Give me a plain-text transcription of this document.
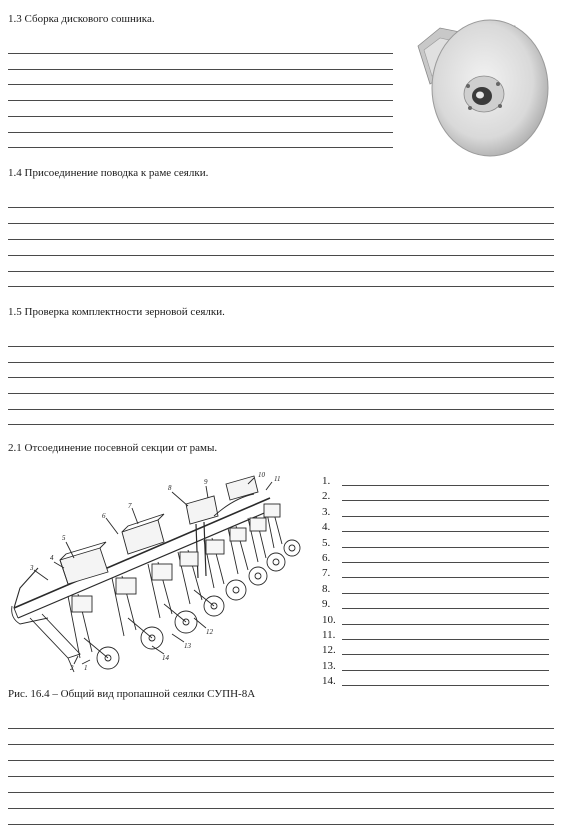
1.3 Сборка дискового сошника.
1.4 Присоединение поводка к раме сеялки.
1.5 Проверка комплектности зерновой сеялки.
2.1 Отсоединение посевной секции от рамы.
1
2
3
4
5
6
7
8
9
10 11
12
13
14
1.
2.
3.
4.
5.
6.
7.
8.
9.
10.
11.
12.
13.
14.
Рис. 16.4 – Общий вид пропашной сеялки СУПН-8А
